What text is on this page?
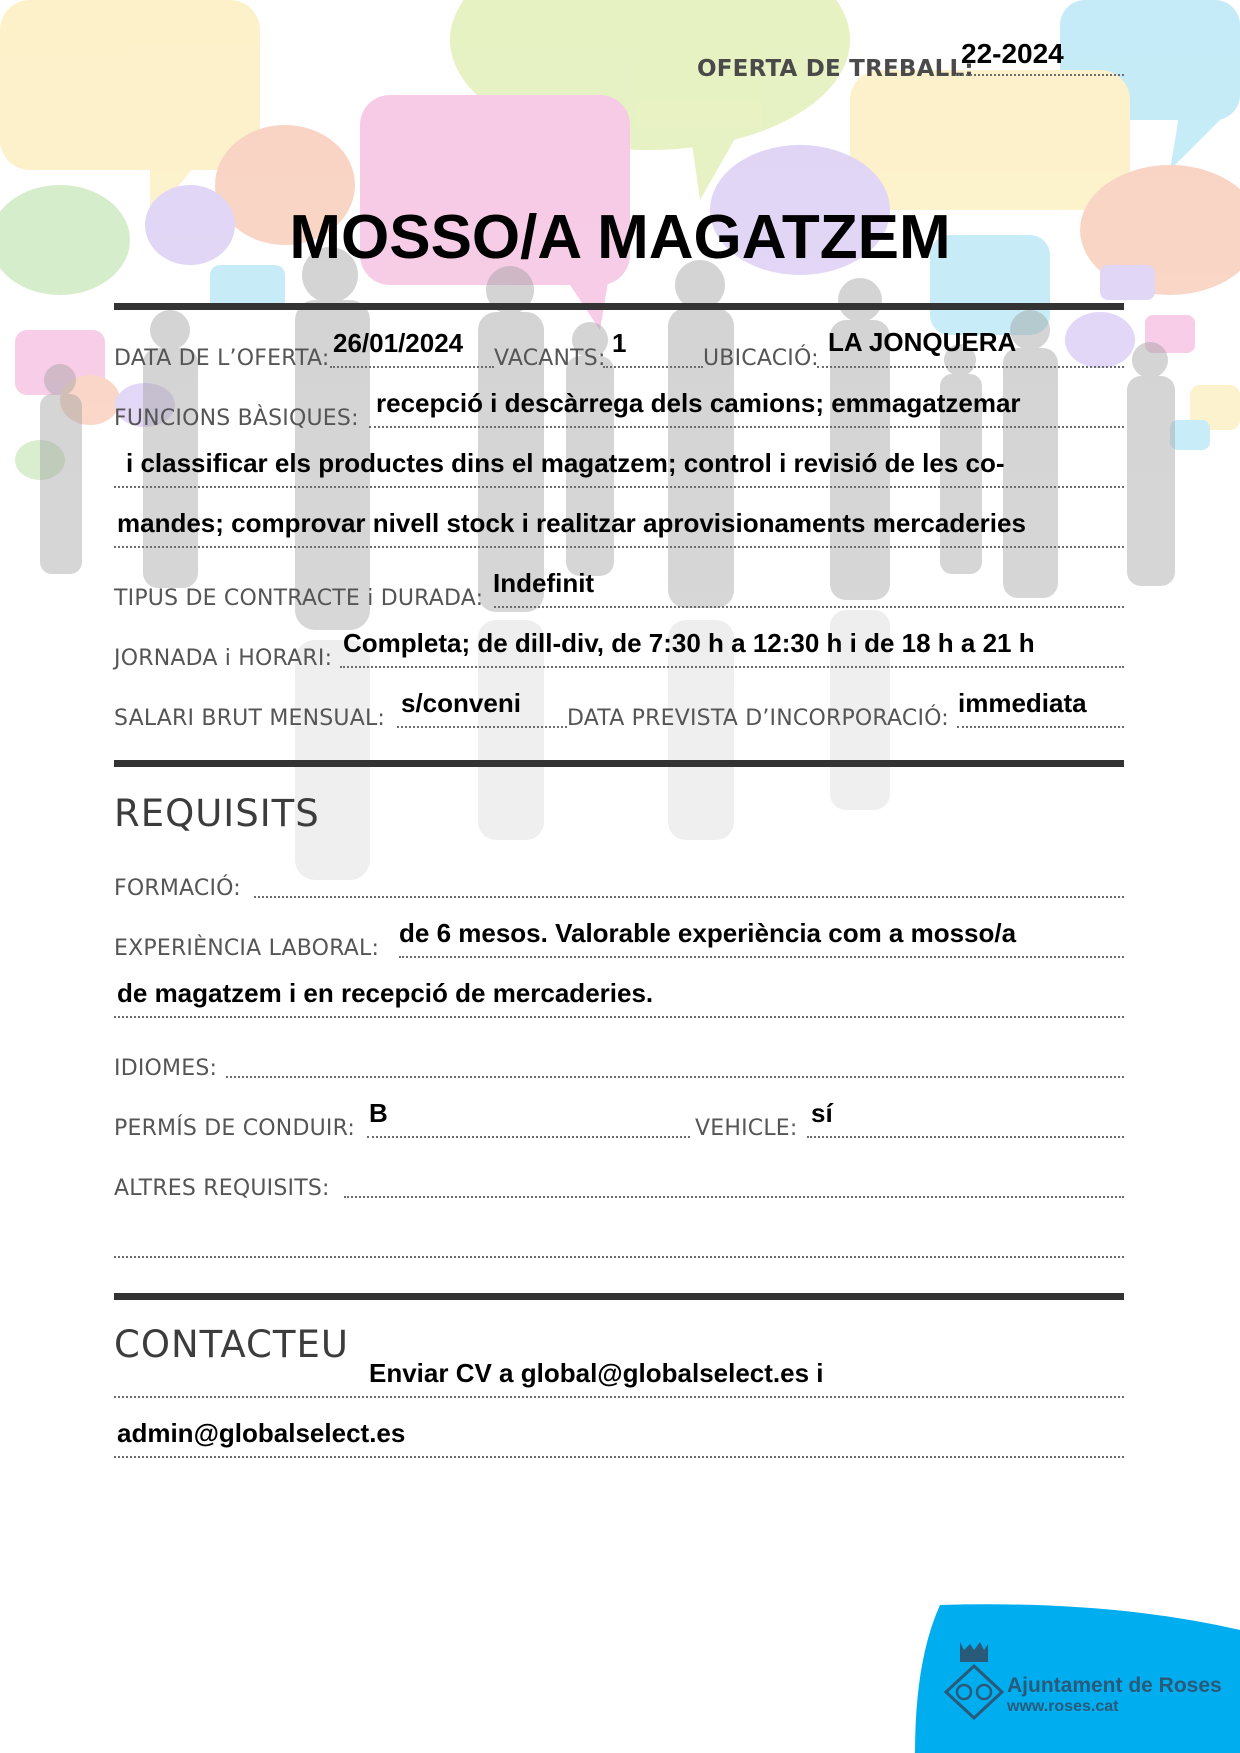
OFERTA DE TREBALL:
22-2024
MOSSO/A MAGATZEM
DATA DE L’OFERTA:
26/01/2024
VACANTS:
1
UBICACIÓ:
LA JONQUERA
FUNCIONS BÀSIQUES:
recepció i descàrrega dels camions; emmagatzemar
i classificar els productes dins el magatzem; control i revisió de les co-
mandes; comprovar nivell stock i realitzar aprovisionaments mercaderies
TIPUS DE CONTRACTE i DURADA:
Indefinit
JORNADA i HORARI:
Completa; de dill-div, de 7:30 h a 12:30 h i de 18 h a 21 h
SALARI BRUT MENSUAL:
s/conveni
DATA PREVISTA D’INCORPORACIÓ:
immediata
REQUISITS
FORMACIÓ:
EXPERIÈNCIA LABORAL:
de 6 mesos. Valorable experiència com a mosso/a
de magatzem i en recepció de mercaderies.
IDIOMES:
PERMÍS DE CONDUIR:
B
VEHICLE:
sí
ALTRES REQUISITS:
CONTACTEU
Enviar CV a global@globalselect.es i
admin@globalselect.es
Ajuntament de Roses
www.roses.cat
